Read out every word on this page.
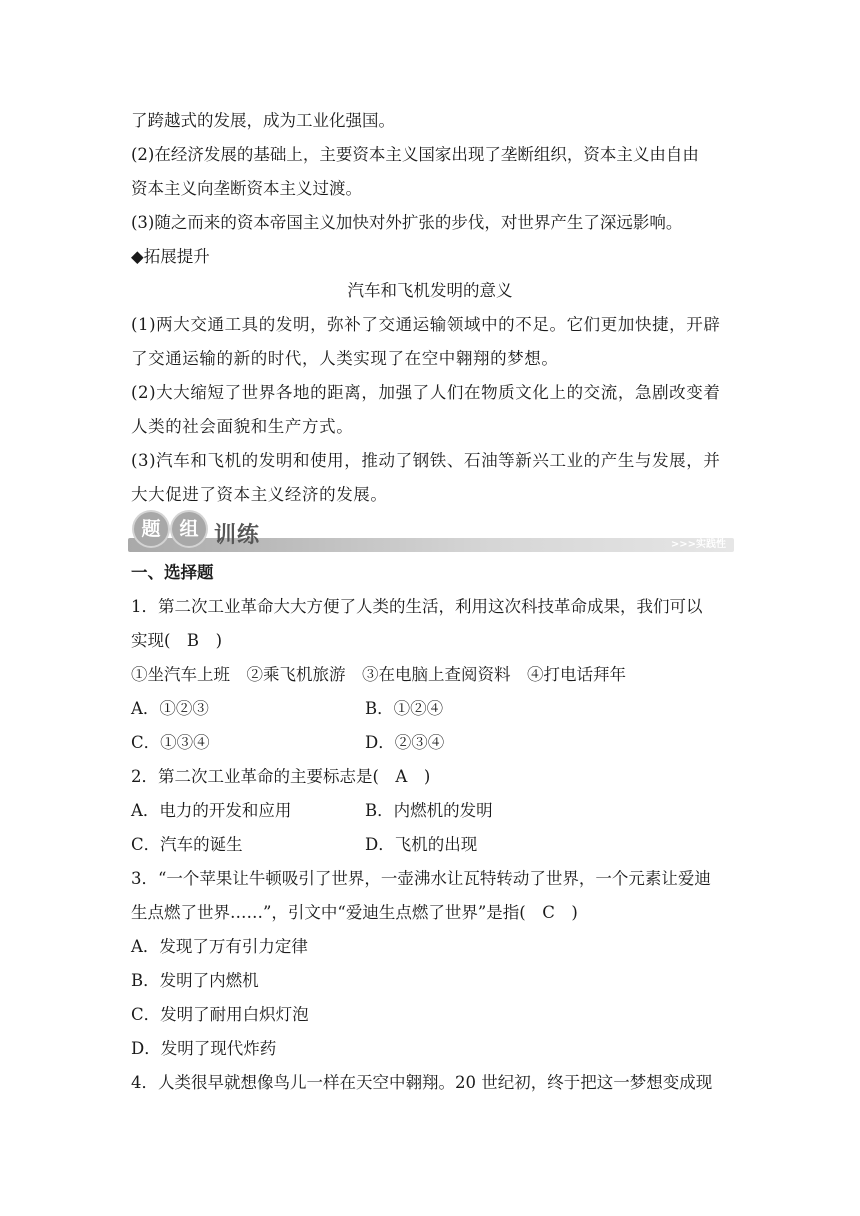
了跨越式的发展，成为工业化强国。
(2)在经济发展的基础上，主要资本主义国家出现了垄断组织，资本主义由自由
资本主义向垄断资本主义过渡。
(3)随之而来的资本帝国主义加快对外扩张的步伐，对世界产生了深远影响。
◆拓展提升
汽车和飞机发明的意义
(1)两大交通工具的发明，弥补了交通运输领域中的不足。它们更加快捷，开辟
了交通运输的新的时代，人类实现了在空中翱翔的梦想。
(2)大大缩短了世界各地的距离，加强了人们在物质文化上的交流，急剧改变着
人类的社会面貌和生产方式。
(3)汽车和飞机的发明和使用，推动了钢铁、石油等新兴工业的产生与发展，并
大大促进了资本主义经济的发展。
题 组 训练	>>>实践性
一、选择题
1．第二次工业革命大大方便了人类的生活，利用这次科技革命成果，我们可以
实现(　B　)
①坐汽车上班　②乘飞机旅游　③在电脑上查阅资料　④打电话拜年
A．①②③	B．①②④
C．①③④	D．②③④
2．第二次工业革命的主要标志是(　A　)
A．电力的开发和应用	B．内燃机的发明
C．汽车的诞生	D．飞机的出现
3．“一个苹果让牛顿吸引了世界，一壶沸水让瓦特转动了世界，一个元素让爱迪
生点燃了世界……”，引文中“爱迪生点燃了世界”是指(　C　)
A．发现了万有引力定律
B．发明了内燃机
C．发明了耐用白炽灯泡
D．发明了现代炸药
4．人类很早就想像鸟儿一样在天空中翱翔。20 世纪初，终于把这一梦想变成现
